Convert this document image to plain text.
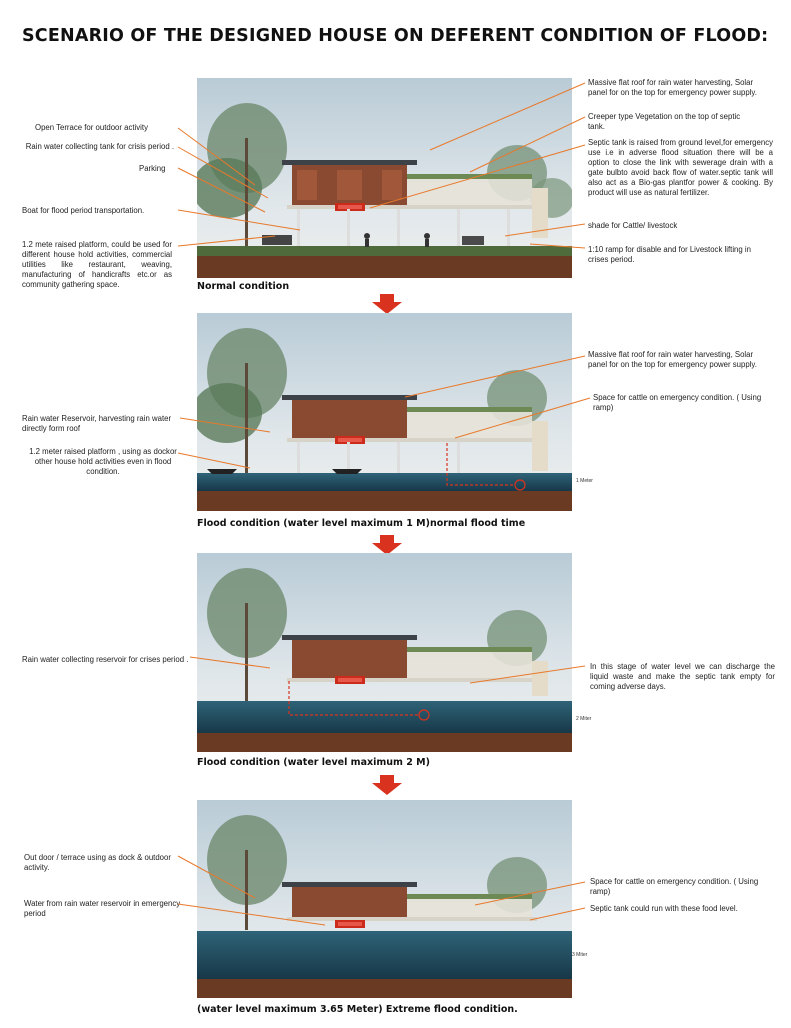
SCENARIO OF THE DESIGNED HOUSE ON DEFERENT CONDITION OF FLOOD:
Normal condition
Open Terrace for outdoor activity
Rain water collecting tank for crisis period .
Parking
Boat for flood period transportation.
1.2 mete raised platform, could be used for different house hold activities, commercial utilities like restaurant, weaving, manufacturing of handicrafts etc.or as community gathering space.
Massive flat roof for rain water harvesting, Solar panel for on the top for emergency power supply.
Creeper type Vegetation on the top of septic tank.
Septic tank is raised from ground level,for emergency use i.e in adverse flood situation there will be a option to close the link with sewerage drain with a gate bulbto avoid back flow of water.septic tank will also act as a Bio-gas plantfor power & cooking. By product will use as natural fertilizer.
shade for Cattle/ livestock
1:10 ramp for disable and for Livestock lifting in crises period.
1 Meter
Flood condition (water level maximum 1 M)normal flood time
Rain water Reservoir, harvesting rain water directly form roof
1.2 meter raised platform , using as dockor other house hold activities even in flood condition.
Massive flat roof for rain water harvesting, Solar panel for on the top for emergency power supply.
Space for cattle on emergency condition. ( Using ramp)
2 Miter
Flood condition (water level maximum 2 M)
Rain water collecting reservoir for crises period .
In this stage of water level we can discharge the liquid waste and make the septic tank empty for coming adverse days.
3 Miter
(water level maximum 3.65 Meter) Extreme flood condition.
Out door / terrace using as dock & outdoor activity.
Water from rain water reservoir in emergency period
Space for cattle on emergency condition. ( Using ramp)
Septic tank could run with these food level.
